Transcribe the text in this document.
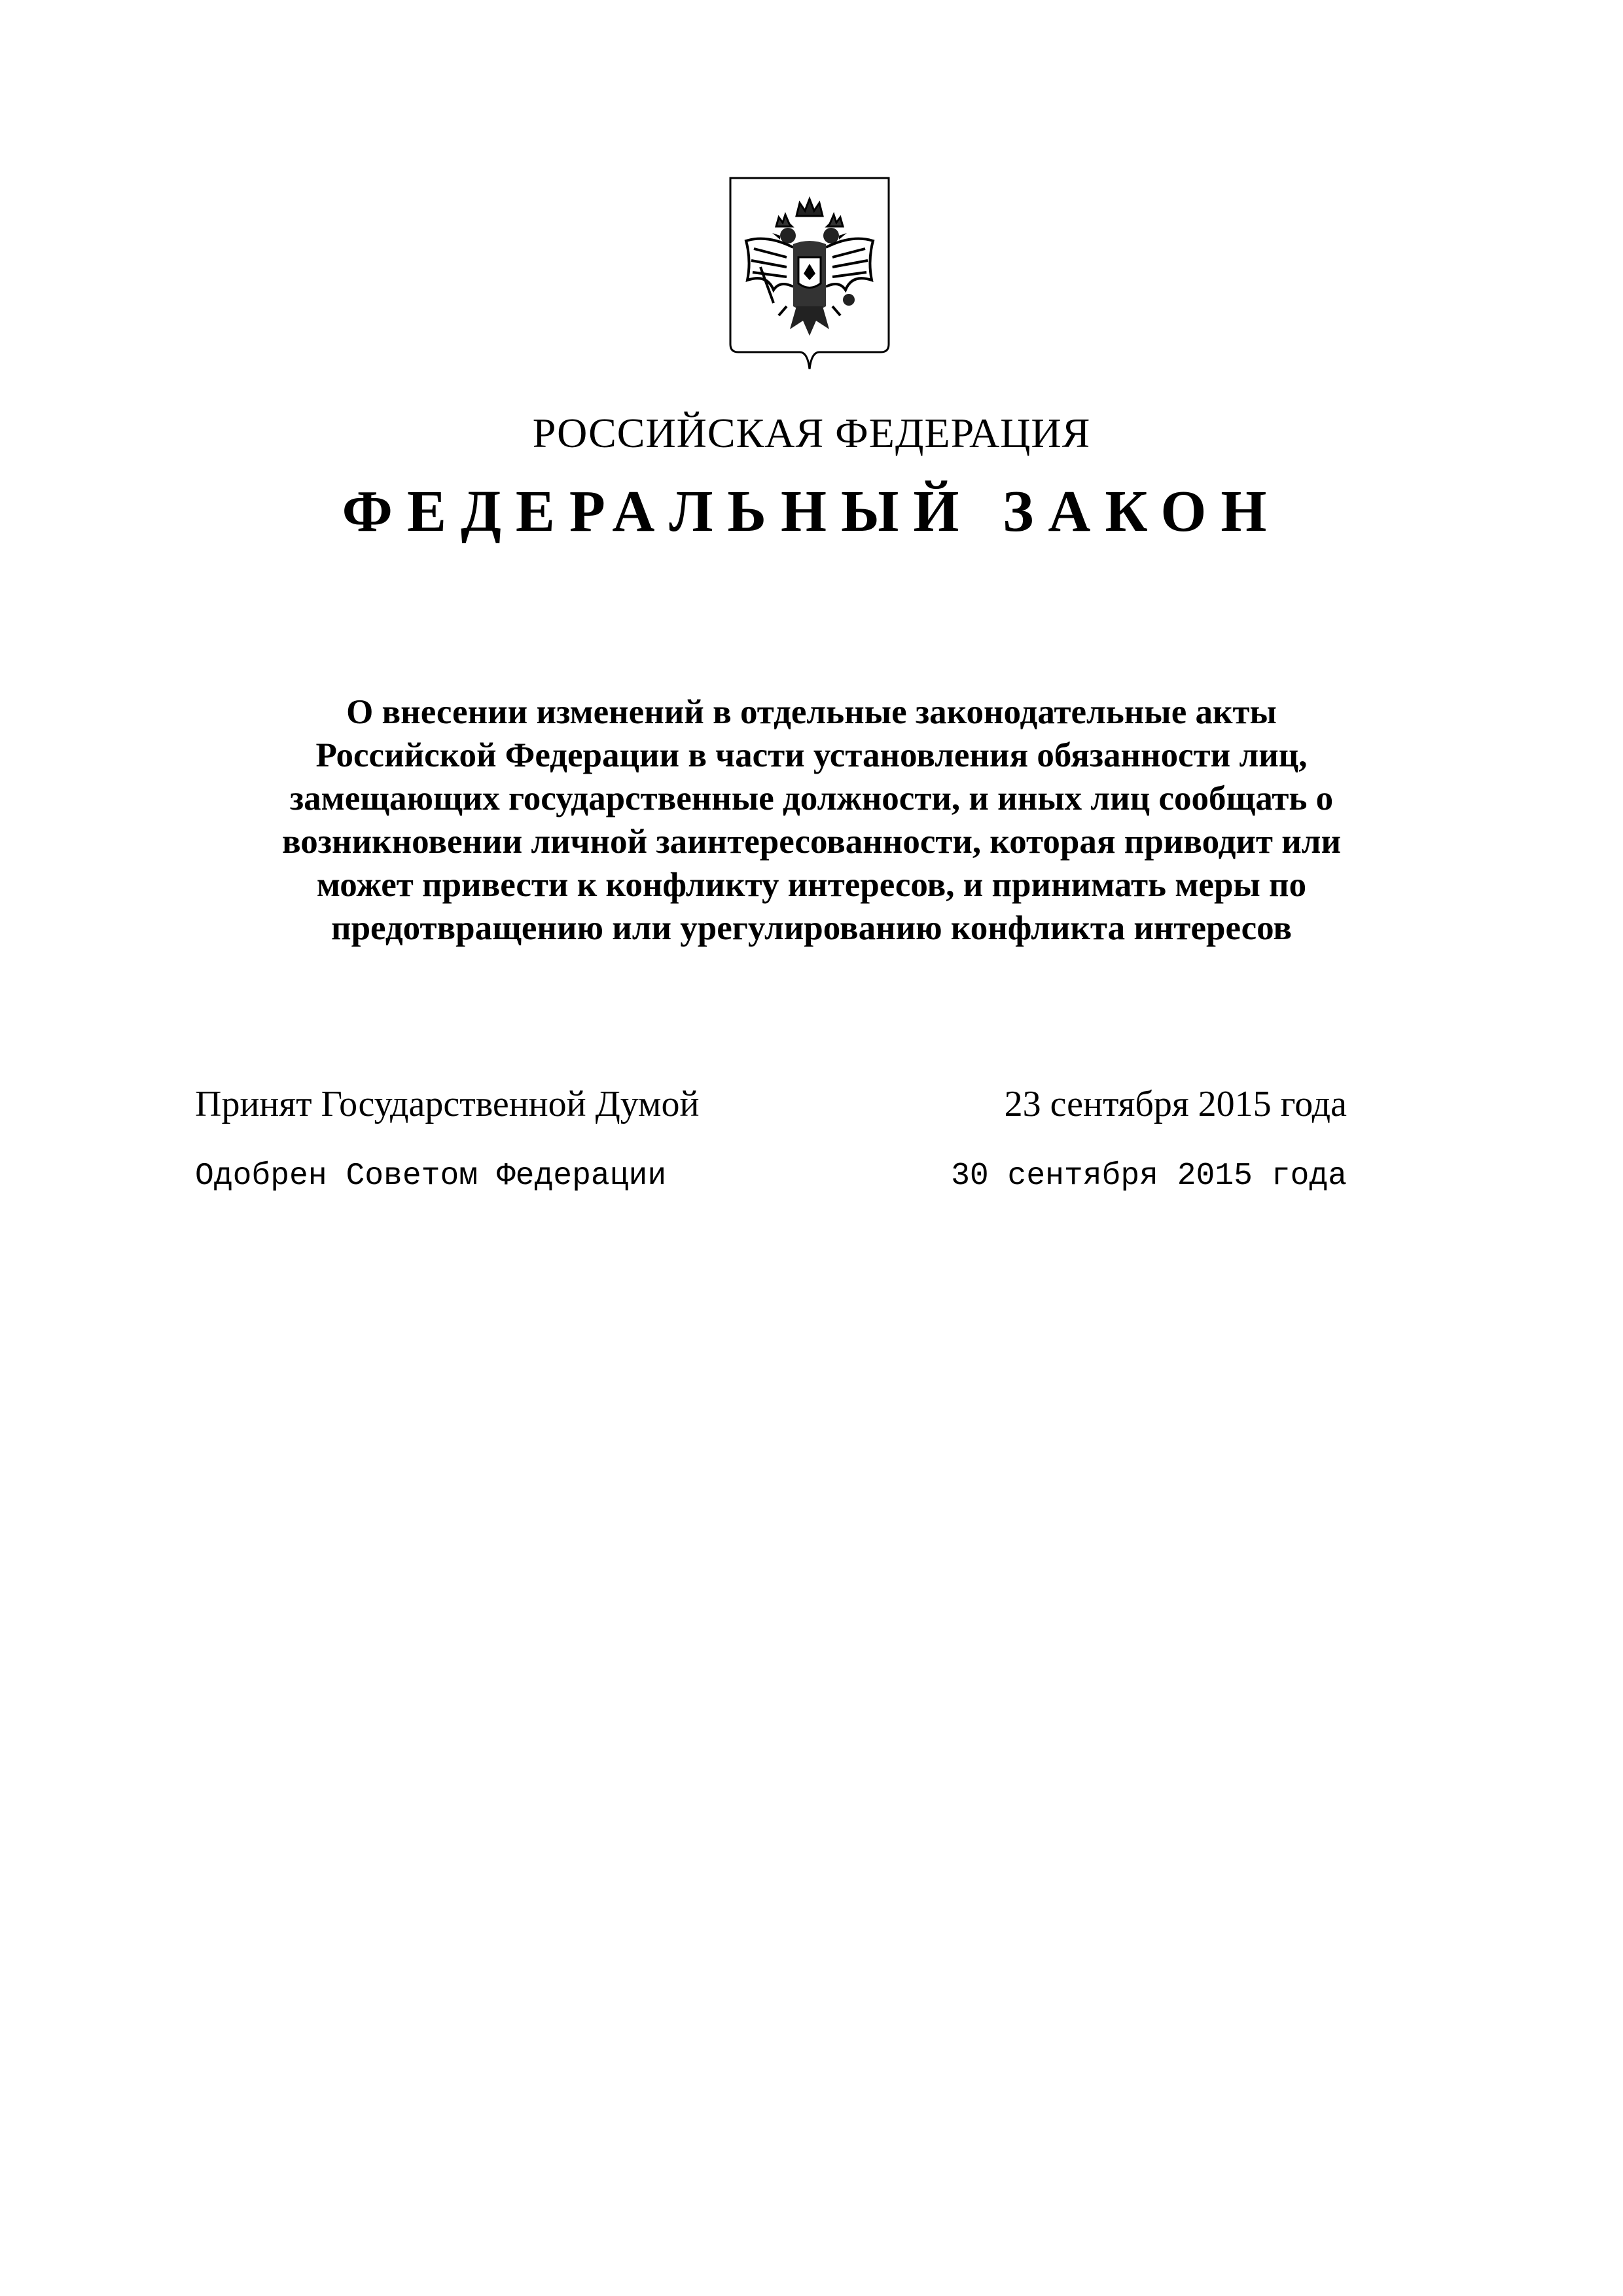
РОССИЙСКАЯ ФЕДЕРАЦИЯ
ФЕДЕРАЛЬНЫЙ ЗАКОН
О внесении изменений в отдельные законодательные акты
Российской Федерации в части установления обязанности лиц,
замещающих государственные должности, и иных лиц сообщать о
возникновении личной заинтересованности, которая приводит или
может привести к конфликту интересов, и принимать меры по
предотвращению или урегулированию конфликта интересов
Принят Государственной Думой	23 сентября 2015 года
Одобрен Советом Федерации	30 сентября 2015 года
